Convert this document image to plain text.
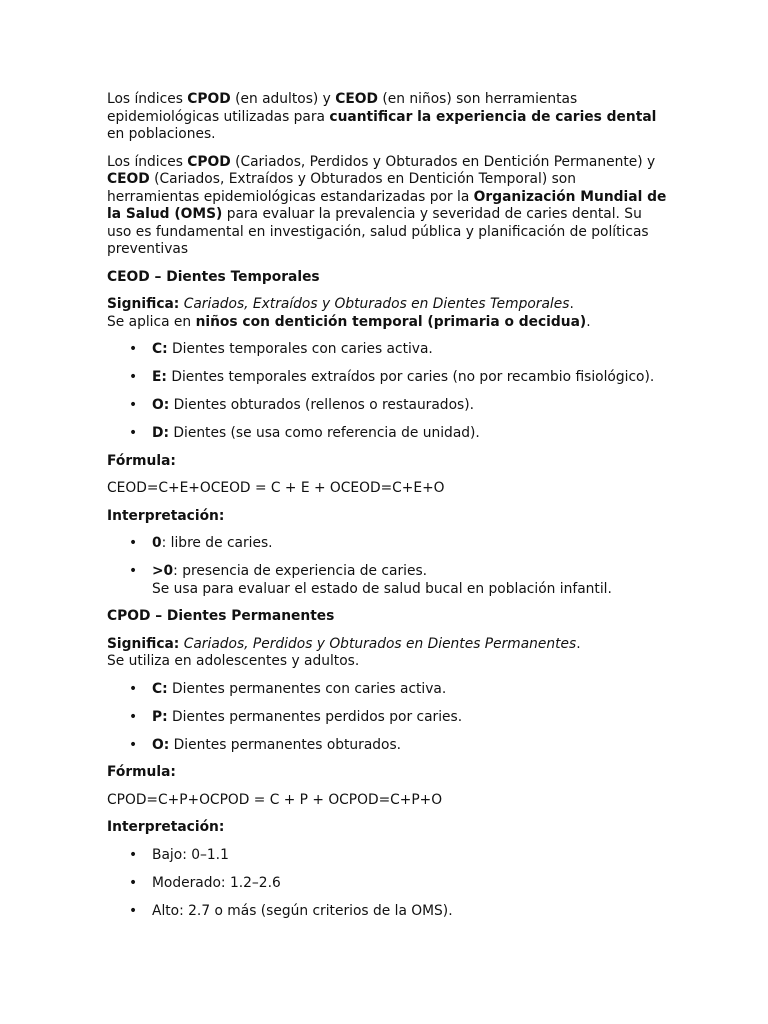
Los índices CPOD (en adultos) y CEOD (en niños) son herramientas epidemiológicas utilizadas para cuantificar la experiencia de caries dental en poblaciones.

Los índices CPOD (Cariados, Perdidos y Obturados en Dentición Permanente) y CEOD (Cariados, Extraídos y Obturados en Dentición Temporal) son herramientas epidemiológicas estandarizadas por la Organización Mundial de la Salud (OMS) para evaluar la prevalencia y severidad de caries dental. Su uso es fundamental en investigación, salud pública y planificación de políticas preventivas

CEOD – Dientes Temporales

Significa: Cariados, Extraídos y Obturados en Dientes Temporales.
Se aplica en niños con dentición temporal (primaria o decidua).

• C: Dientes temporales con caries activa.
• E: Dientes temporales extraídos por caries (no por recambio fisiológico).
• O: Dientes obturados (rellenos o restaurados).
• D: Dientes (se usa como referencia de unidad).

Fórmula:

CEOD=C+E+OCEOD = C + E + OCEOD=C+E+O

Interpretación:

• 0: libre de caries.
• >0: presencia de experiencia de caries.
Se usa para evaluar el estado de salud bucal en población infantil.
CPOD – Dientes Permanentes

Significa: Cariados, Perdidos y Obturados en Dientes Permanentes.
Se utiliza en adolescentes y adultos.

• C: Dientes permanentes con caries activa.
• P: Dientes permanentes perdidos por caries.
• O: Dientes permanentes obturados.

Fórmula:

CPOD=C+P+OCPOD = C + P + OCPOD=C+P+O

Interpretación:

• Bajo: 0–1.1
• Moderado: 1.2–2.6
• Alto: 2.7 o más (según criterios de la OMS).
